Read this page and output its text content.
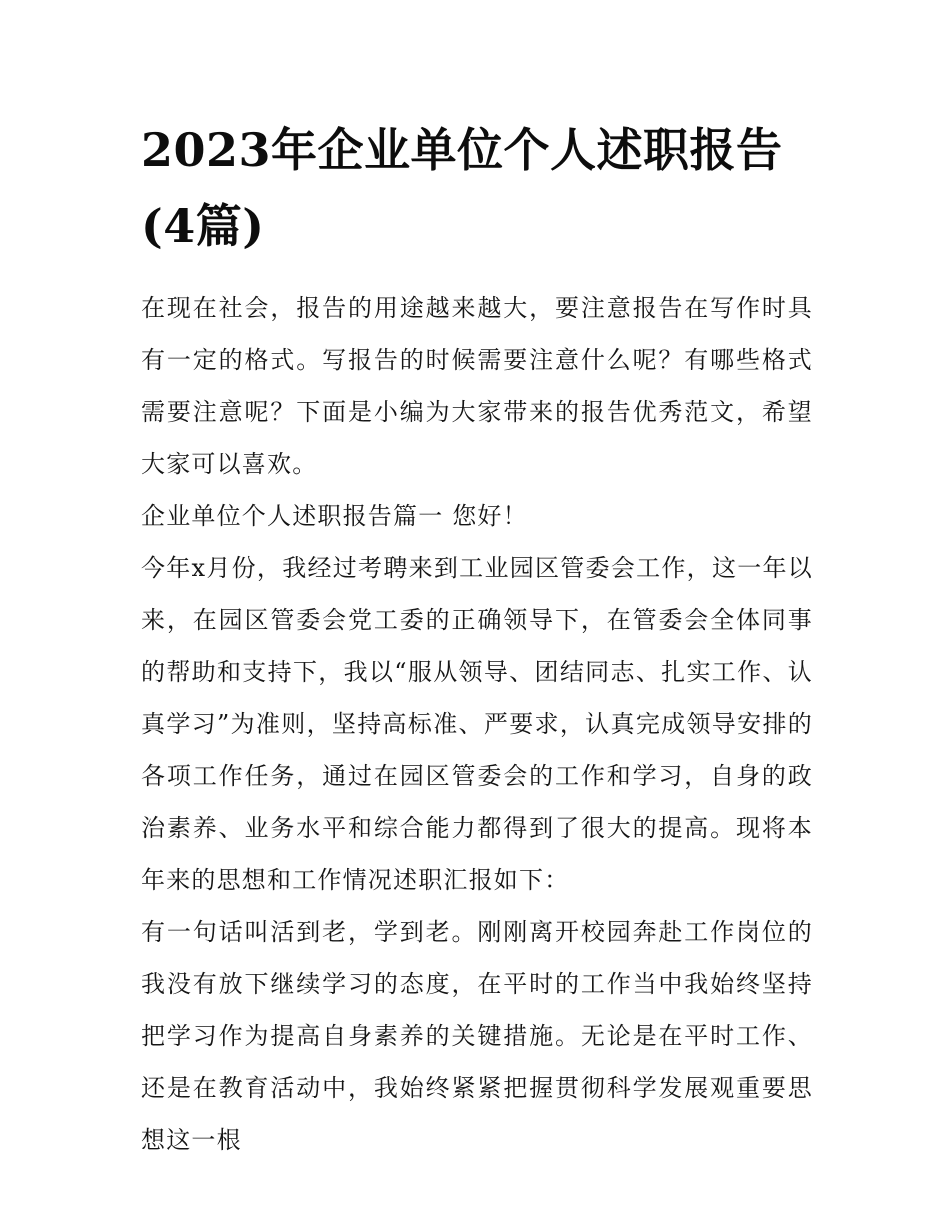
2023年企业单位个人述职报告(4篇)

在现在社会，报告的用途越来越大，要注意报告在写作时具有一定的格式。写报告的时候需要注意什么呢？有哪些格式需要注意呢？下面是小编为大家带来的报告优秀范文，希望大家可以喜欢。

企业单位个人述职报告篇一 您好！

今年x月份，我经过考聘来到工业园区管委会工作，这一年以来，在园区管委会党工委的正确领导下，在管委会全体同事的帮助和支持下，我以“服从领导、团结同志、扎实工作、认真学习”为准则，坚持高标准、严要求，认真完成领导安排的各项工作任务，通过在园区管委会的工作和学习，自身的政治素养、业务水平和综合能力都得到了很大的提高。现将本年来的思想和工作情况述职汇报如下：

有一句话叫活到老，学到老。刚刚离开校园奔赴工作岗位的我没有放下继续学习的态度，在平时的工作当中我始终坚持把学习作为提高自身素养的关键措施。无论是在平时工作、还是在教育活动中，我始终紧紧把握贯彻科学发展观重要思想这一根
